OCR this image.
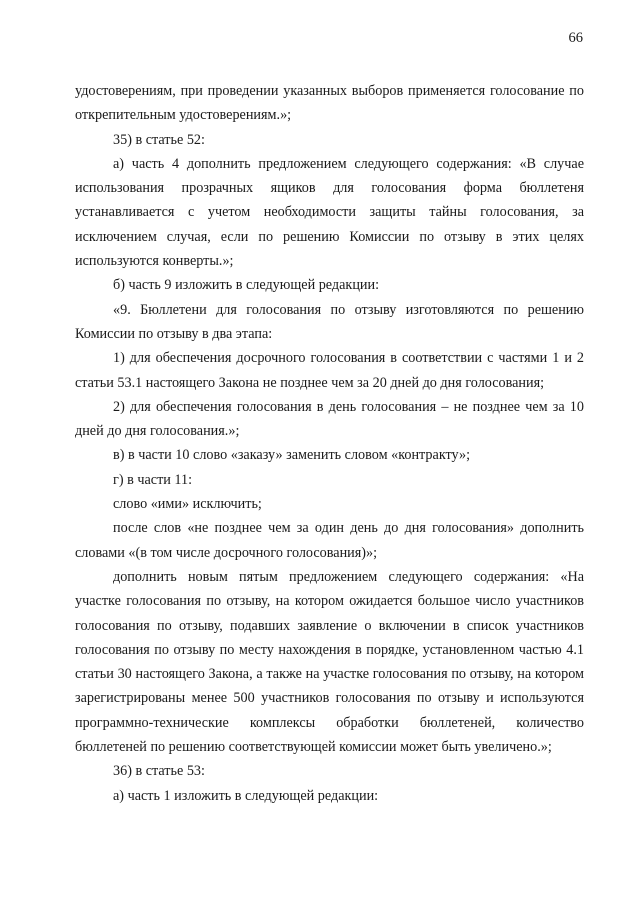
66

удостоверениям, при проведении указанных выборов применяется голосование по открепительным удостоверениям.»;

35) в статье 52:

а) часть 4 дополнить предложением следующего содержания: «В случае использования прозрачных ящиков для голосования форма бюллетеня устанавливается с учетом необходимости защиты тайны голосования, за исключением случая, если по решению Комиссии по отзыву в этих целях используются конверты.»;

б) часть 9 изложить в следующей редакции:

«9. Бюллетени для голосования по отзыву изготовляются по решению Комиссии по отзыву в два этапа:

1) для обеспечения досрочного голосования в соответствии с частями 1 и 2 статьи 53.1 настоящего Закона не позднее чем за 20 дней до дня голосования;

2) для обеспечения голосования в день голосования – не позднее чем за 10 дней до дня голосования.»;

в) в части 10 слово «заказу» заменить словом «контракту»;

г) в части 11:

слово «ими» исключить;

после слов «не позднее чем за один день до дня голосования» дополнить словами «(в том числе досрочного голосования)»;

дополнить новым пятым предложением следующего содержания: «На участке голосования по отзыву, на котором ожидается большое число участников голосования по отзыву, подавших заявление о включении в список участников голосования по отзыву по месту нахождения в порядке, установленном частью 4.1 статьи 30 настоящего Закона, а также на участке голосования по отзыву, на котором зарегистрированы менее 500 участников голосования по отзыву и используются программно-технические комплексы обработки бюллетеней, количество бюллетеней по решению соответствующей комиссии может быть увеличено.»;

36) в статье 53:

а) часть 1 изложить в следующей редакции:
